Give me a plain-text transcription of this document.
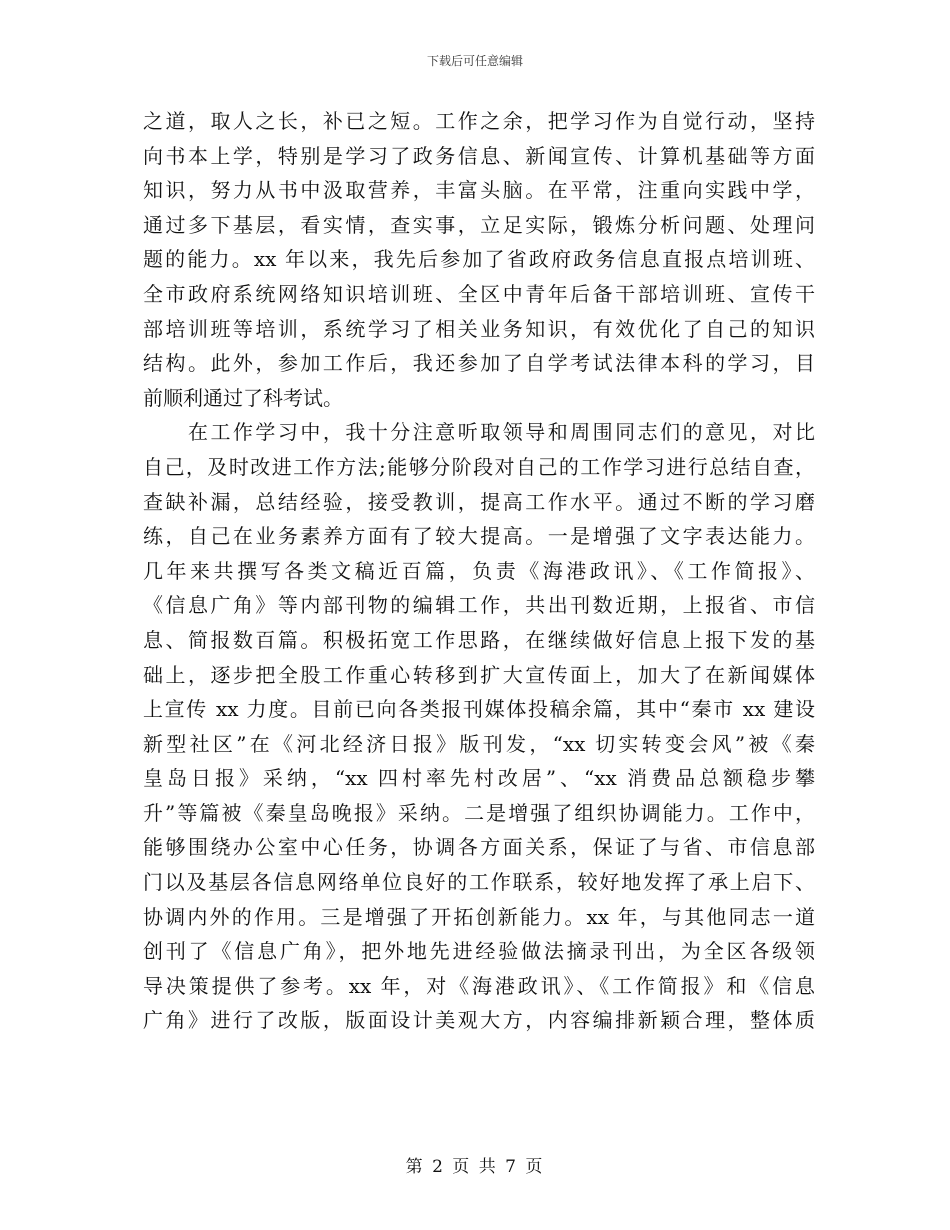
下载后可任意编辑
之道，取人之长，补已之短。工作之余，把学习作为自觉行动，坚持
向书本上学，特别是学习了政务信息、新闻宣传、计算机基础等方面
知识，努力从书中汲取营养，丰富头脑。在平常，注重向实践中学，
通过多下基层，看实情，查实事，立足实际，锻炼分析问题、处理问
题的能力。xx 年以来，我先后参加了省政府政务信息直报点培训班、
全市政府系统网络知识培训班、全区中青年后备干部培训班、宣传干
部培训班等培训，系统学习了相关业务知识，有效优化了自己的知识
结构。此外，参加工作后，我还参加了自学考试法律本科的学习，目
前顺利通过了科考试。
　　在工作学习中，我十分注意听取领导和周围同志们的意见，对比
自己，及时改进工作方法;能够分阶段对自己的工作学习进行总结自查，
查缺补漏，总结经验，接受教训，提高工作水平。通过不断的学习磨
练，自己在业务素养方面有了较大提高。一是增强了文字表达能力。
几年来共撰写各类文稿近百篇，负责《海港政讯》、《工作简报》、
《信息广角》等内部刊物的编辑工作，共出刊数近期，上报省、市信
息、简报数百篇。积极拓宽工作思路，在继续做好信息上报下发的基
础上，逐步把全股工作重心转移到扩大宣传面上，加大了在新闻媒体
上宣传 xx 力度。目前已向各类报刊媒体投稿余篇，其中“秦市 xx 建设
新型社区”在《河北经济日报》版刊发，“xx 切实转变会风”被《秦
皇岛日报》采纳，“xx 四村率先村改居”、“xx 消费品总额稳步攀
升”等篇被《秦皇岛晚报》采纳。二是增强了组织协调能力。工作中，
能够围绕办公室中心任务，协调各方面关系，保证了与省、市信息部
门以及基层各信息网络单位良好的工作联系，较好地发挥了承上启下、
协调内外的作用。三是增强了开拓创新能力。xx 年，与其他同志一道
创刊了《信息广角》，把外地先进经验做法摘录刊出，为全区各级领
导决策提供了参考。xx 年，对《海港政讯》、《工作简报》和《信息
广角》进行了改版，版面设计美观大方，内容编排新颖合理，整体质
第 2 页 共 7 页
